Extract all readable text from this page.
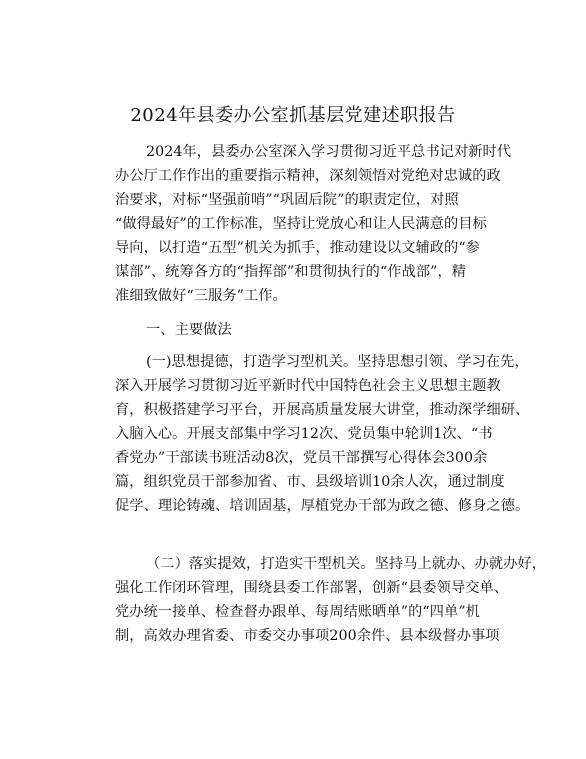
2024年县委办公室抓基层党建述职报告
2024年，县委办公室深入学习贯彻习近平总书记对新时代
办公厅工作作出的重要指示精神，深刻领悟对党绝对忠诚的政
治要求，对标“坚强前哨”“巩固后院”的职责定位，对照
“做得最好”的工作标准，坚持让党放心和让人民满意的目标
导向，以打造“五型”机关为抓手，推动建设以文辅政的“参
谋部”、统筹各方的“指挥部”和贯彻执行的“作战部”，精
准细致做好“三服务”工作。
一、主要做法
(一)思想提德，打造学习型机关。坚持思想引领、学习在先，
深入开展学习贯彻习近平新时代中国特色社会主义思想主题教
育，积极搭建学习平台，开展高质量发展大讲堂，推动深学细研、
入脑入心。开展支部集中学习12次、党员集中轮训1次、“书
香党办”干部读书班活动8次，党员干部撰写心得体会300余
篇，组织党员干部参加省、市、县级培训10余人次，通过制度
促学、理论铸魂、培训固基，厚植党办干部为政之德、修身之德。
（二）落实提效，打造实干型机关。坚持马上就办、办就办好，
强化工作闭环管理，围绕县委工作部署，创新“县委领导交单、
党办统一接单、检查督办跟单、每周结账晒单”的“四单”机
制，高效办理省委、市委交办事项200余件、县本级督办事项
